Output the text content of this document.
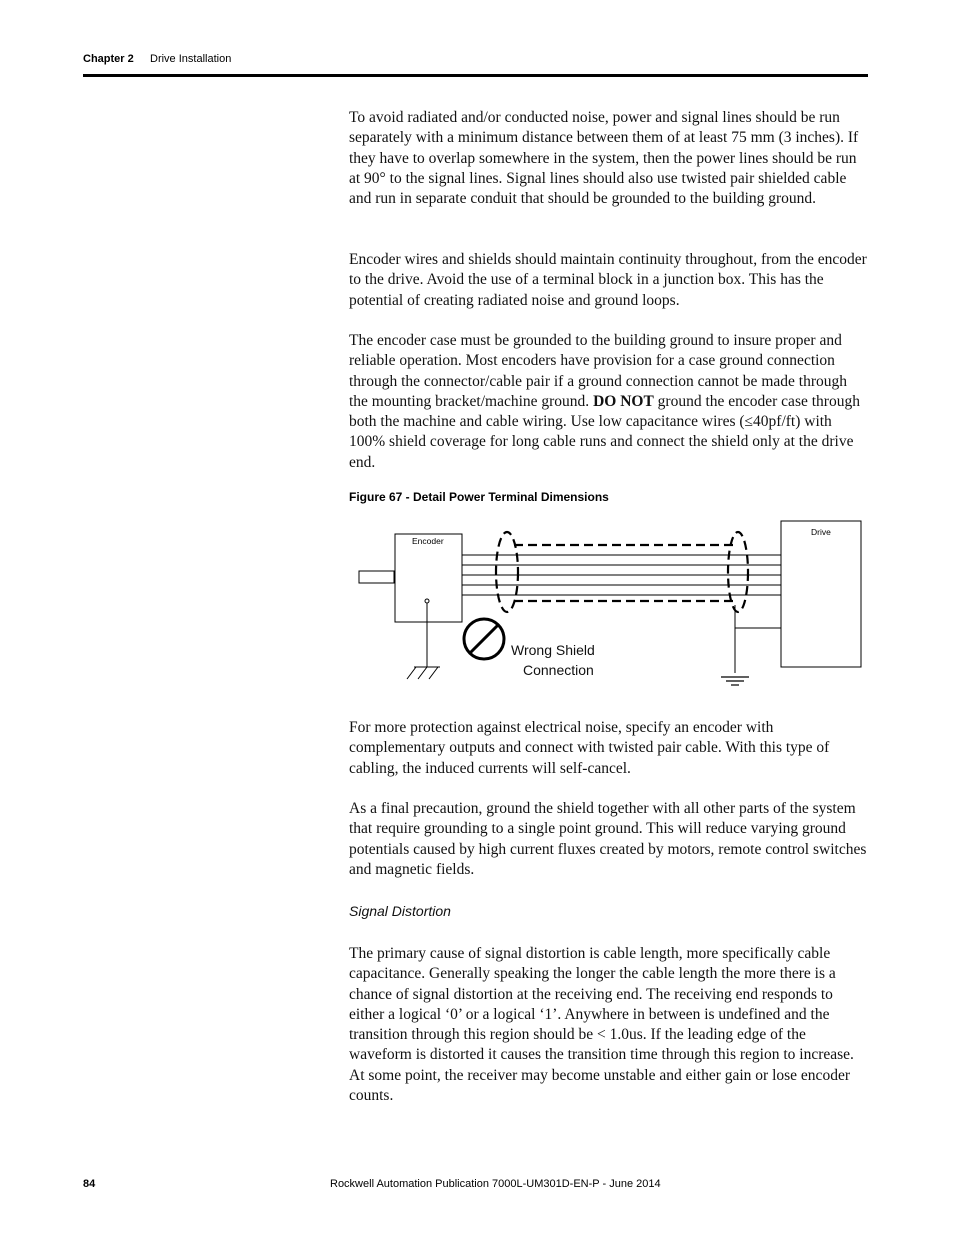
Chapter 2 Drive Installation

To avoid radiated and/or conducted noise, power and signal lines should be run separately with a minimum distance between them of at least 75 mm (3 inches). If they have to overlap somewhere in the system, then the power lines should be run at 90° to the signal lines. Signal lines should also use twisted pair shielded cable and run in separate conduit that should be grounded to the building ground.

Encoder wires and shields should maintain continuity throughout, from the encoder to the drive. Avoid the use of a terminal block in a junction box. This has the potential of creating radiated noise and ground loops.

The encoder case must be grounded to the building ground to insure proper and reliable operation. Most encoders have provision for a case ground connection through the connector/cable pair if a ground connection cannot be made through the mounting bracket/machine ground. DO NOT ground the encoder case through both the machine and cable wiring. Use low capacitance wires (≤40pf/ft) with 100% shield coverage for long cable runs and connect the shield only at the drive end.

Figure 67 - Detail Power Terminal Dimensions
Encoder
Drive
Wrong Shield
Connection

For more protection against electrical noise, specify an encoder with complementary outputs and connect with twisted pair cable. With this type of cabling, the induced currents will self-cancel.

As a final precaution, ground the shield together with all other parts of the system that require grounding to a single point ground. This will reduce varying ground potentials caused by high current fluxes created by motors, remote control switches and magnetic fields.

Signal Distortion

The primary cause of signal distortion is cable length, more specifically cable capacitance. Generally speaking the longer the cable length the more there is a chance of signal distortion at the receiving end. The receiving end responds to either a logical ‘0’ or a logical ‘1’. Anywhere in between is undefined and the transition through this region should be < 1.0us. If the leading edge of the waveform is distorted it causes the transition time through this region to increase. At some point, the receiver may become unstable and either gain or lose encoder counts.

84	Rockwell Automation Publication 7000L-UM301D-EN-P - June 2014
